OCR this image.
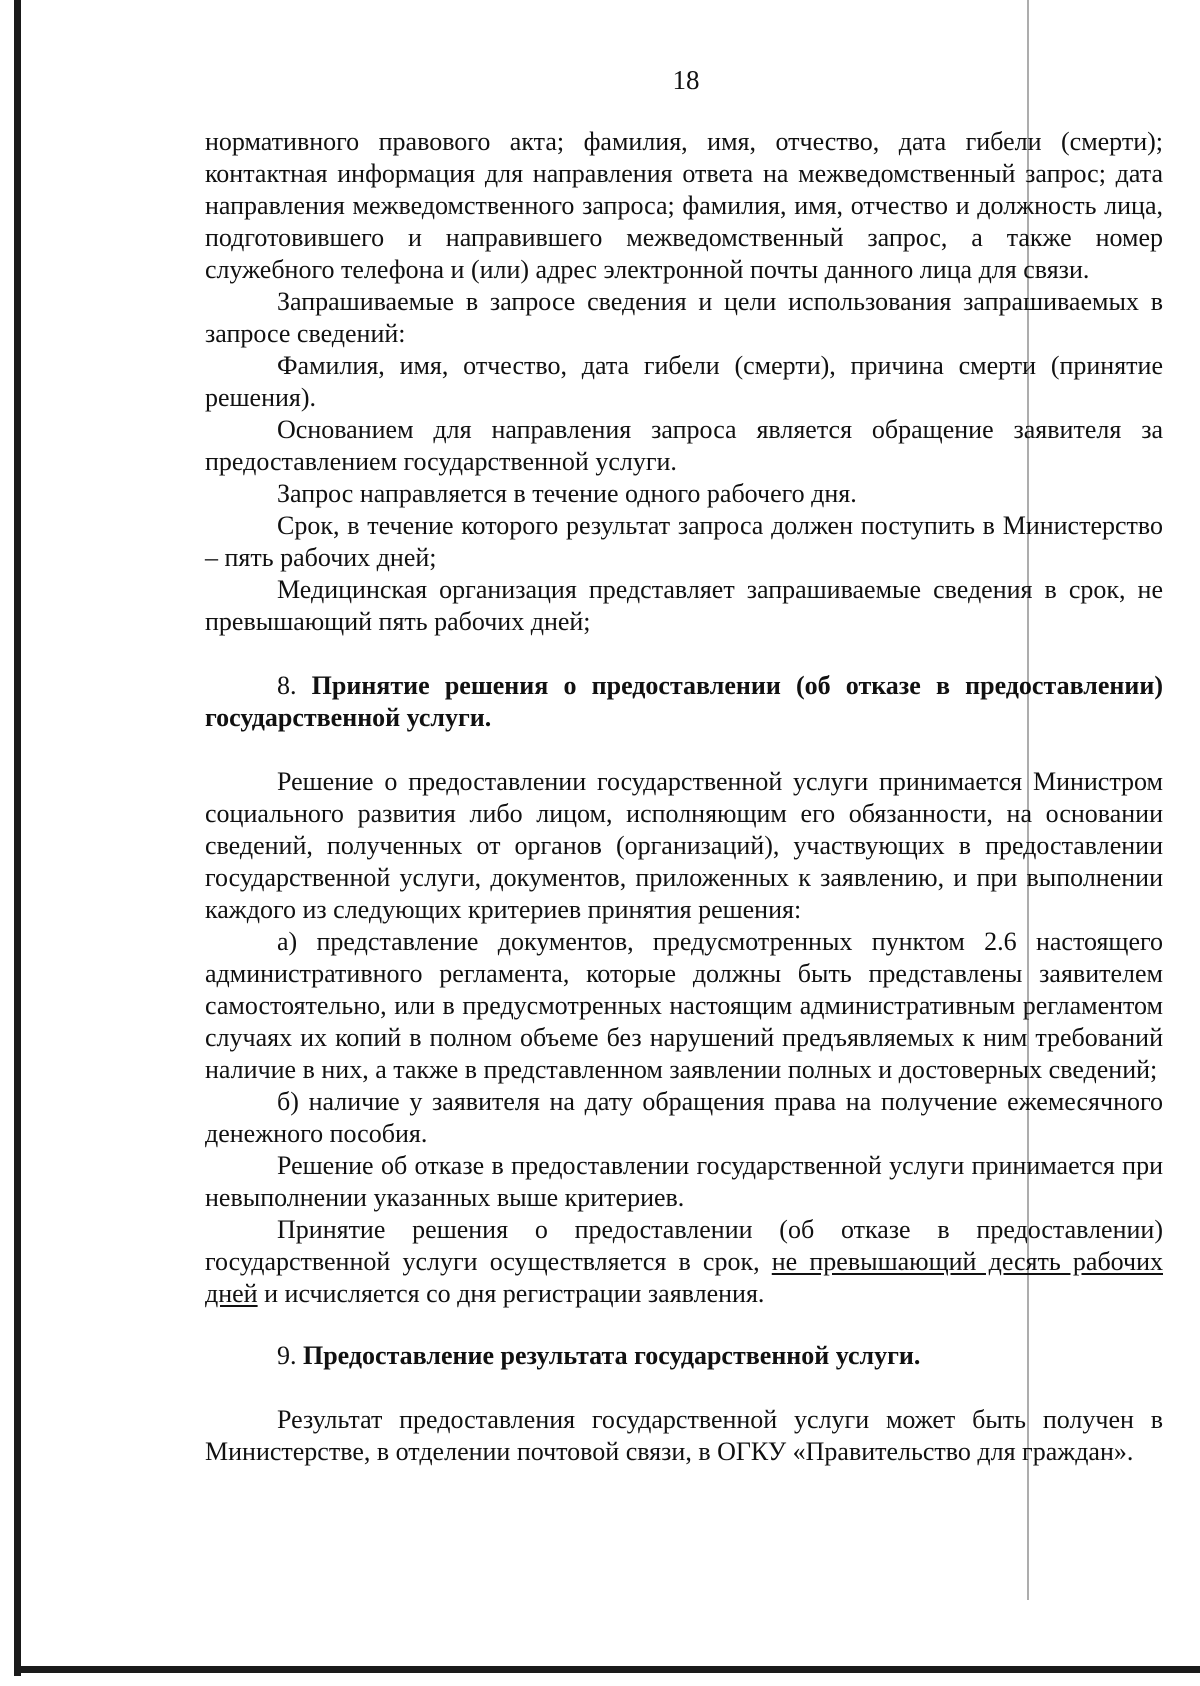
18

нормативного правового акта; фамилия, имя, отчество, дата гибели (смерти); контактная информация для направления ответа на межведомственный запрос; дата направления межведомственного запроса; фамилия, имя, отчество и должность лица, подготовившего и направившего межведомственный запрос, а также номер служебного телефона и (или) адрес электронной почты данного лица для связи.

Запрашиваемые в запросе сведения и цели использования запрашиваемых в запросе сведений:

Фамилия, имя, отчество, дата гибели (смерти), причина смерти (принятие решения).

Основанием для направления запроса является обращение заявителя за предоставлением государственной услуги.

Запрос направляется в течение одного рабочего дня.

Срок, в течение которого результат запроса должен поступить в Министерство – пять рабочих дней;

Медицинская организация представляет запрашиваемые сведения в срок, не превышающий пять рабочих дней;

8. Принятие решения о предоставлении (об отказе в предоставлении) государственной услуги.

Решение о предоставлении государственной услуги принимается Министром социального развития либо лицом, исполняющим его обязанности, на основании сведений, полученных от органов (организаций), участвующих в предоставлении государственной услуги, документов, приложенных к заявлению, и при выполнении каждого из следующих критериев принятия решения:

а) представление документов, предусмотренных пунктом 2.6 настоящего административного регламента, которые должны быть представлены заявителем самостоятельно, или в предусмотренных настоящим административным регламентом случаях их копий в полном объеме без нарушений предъявляемых к ним требований наличие в них, а также в представленном заявлении полных и достоверных сведений;

б) наличие у заявителя на дату обращения права на получение ежемесячного денежного пособия.

Решение об отказе в предоставлении государственной услуги принимается при невыполнении указанных выше критериев.

Принятие решения о предоставлении (об отказе в предоставлении) государственной услуги осуществляется в срок, не превышающий десять рабочих дней и исчисляется со дня регистрации заявления.

9. Предоставление результата государственной услуги.

Результат предоставления государственной услуги может быть получен в Министерстве, в отделении почтовой связи, в ОГКУ «Правительство для граждан».
